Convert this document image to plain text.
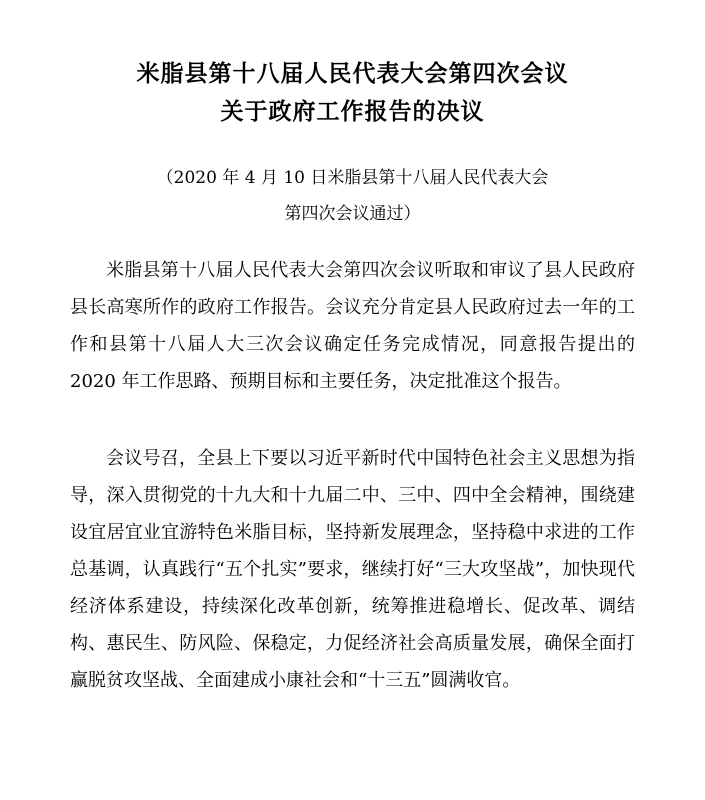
米脂县第十八届人民代表大会第四次会议
关于政府工作报告的决议
（2020 年 4 月 10 日米脂县第十八届人民代表大会
第四次会议通过）

米脂县第十八届人民代表大会第四次会议听取和审议了县人民政府县长高寒所作的政府工作报告。会议充分肯定县人民政府过去一年的工作和县第十八届人大三次会议确定任务完成情况，同意报告提出的 2020 年工作思路、预期目标和主要任务，决定批准这个报告。

会议号召，全县上下要以习近平新时代中国特色社会主义思想为指导，深入贯彻党的十九大和十九届二中、三中、四中全会精神，围绕建设宜居宜业宜游特色米脂目标，坚持新发展理念，坚持稳中求进的工作总基调，认真践行“五个扎实”要求，继续打好“三大攻坚战”，加快现代经济体系建设，持续深化改革创新，统筹推进稳增长、促改革、调结构、惠民生、防风险、保稳定，力促经济社会高质量发展，确保全面打赢脱贫攻坚战、全面建成小康社会和“十三五”圆满收官。
